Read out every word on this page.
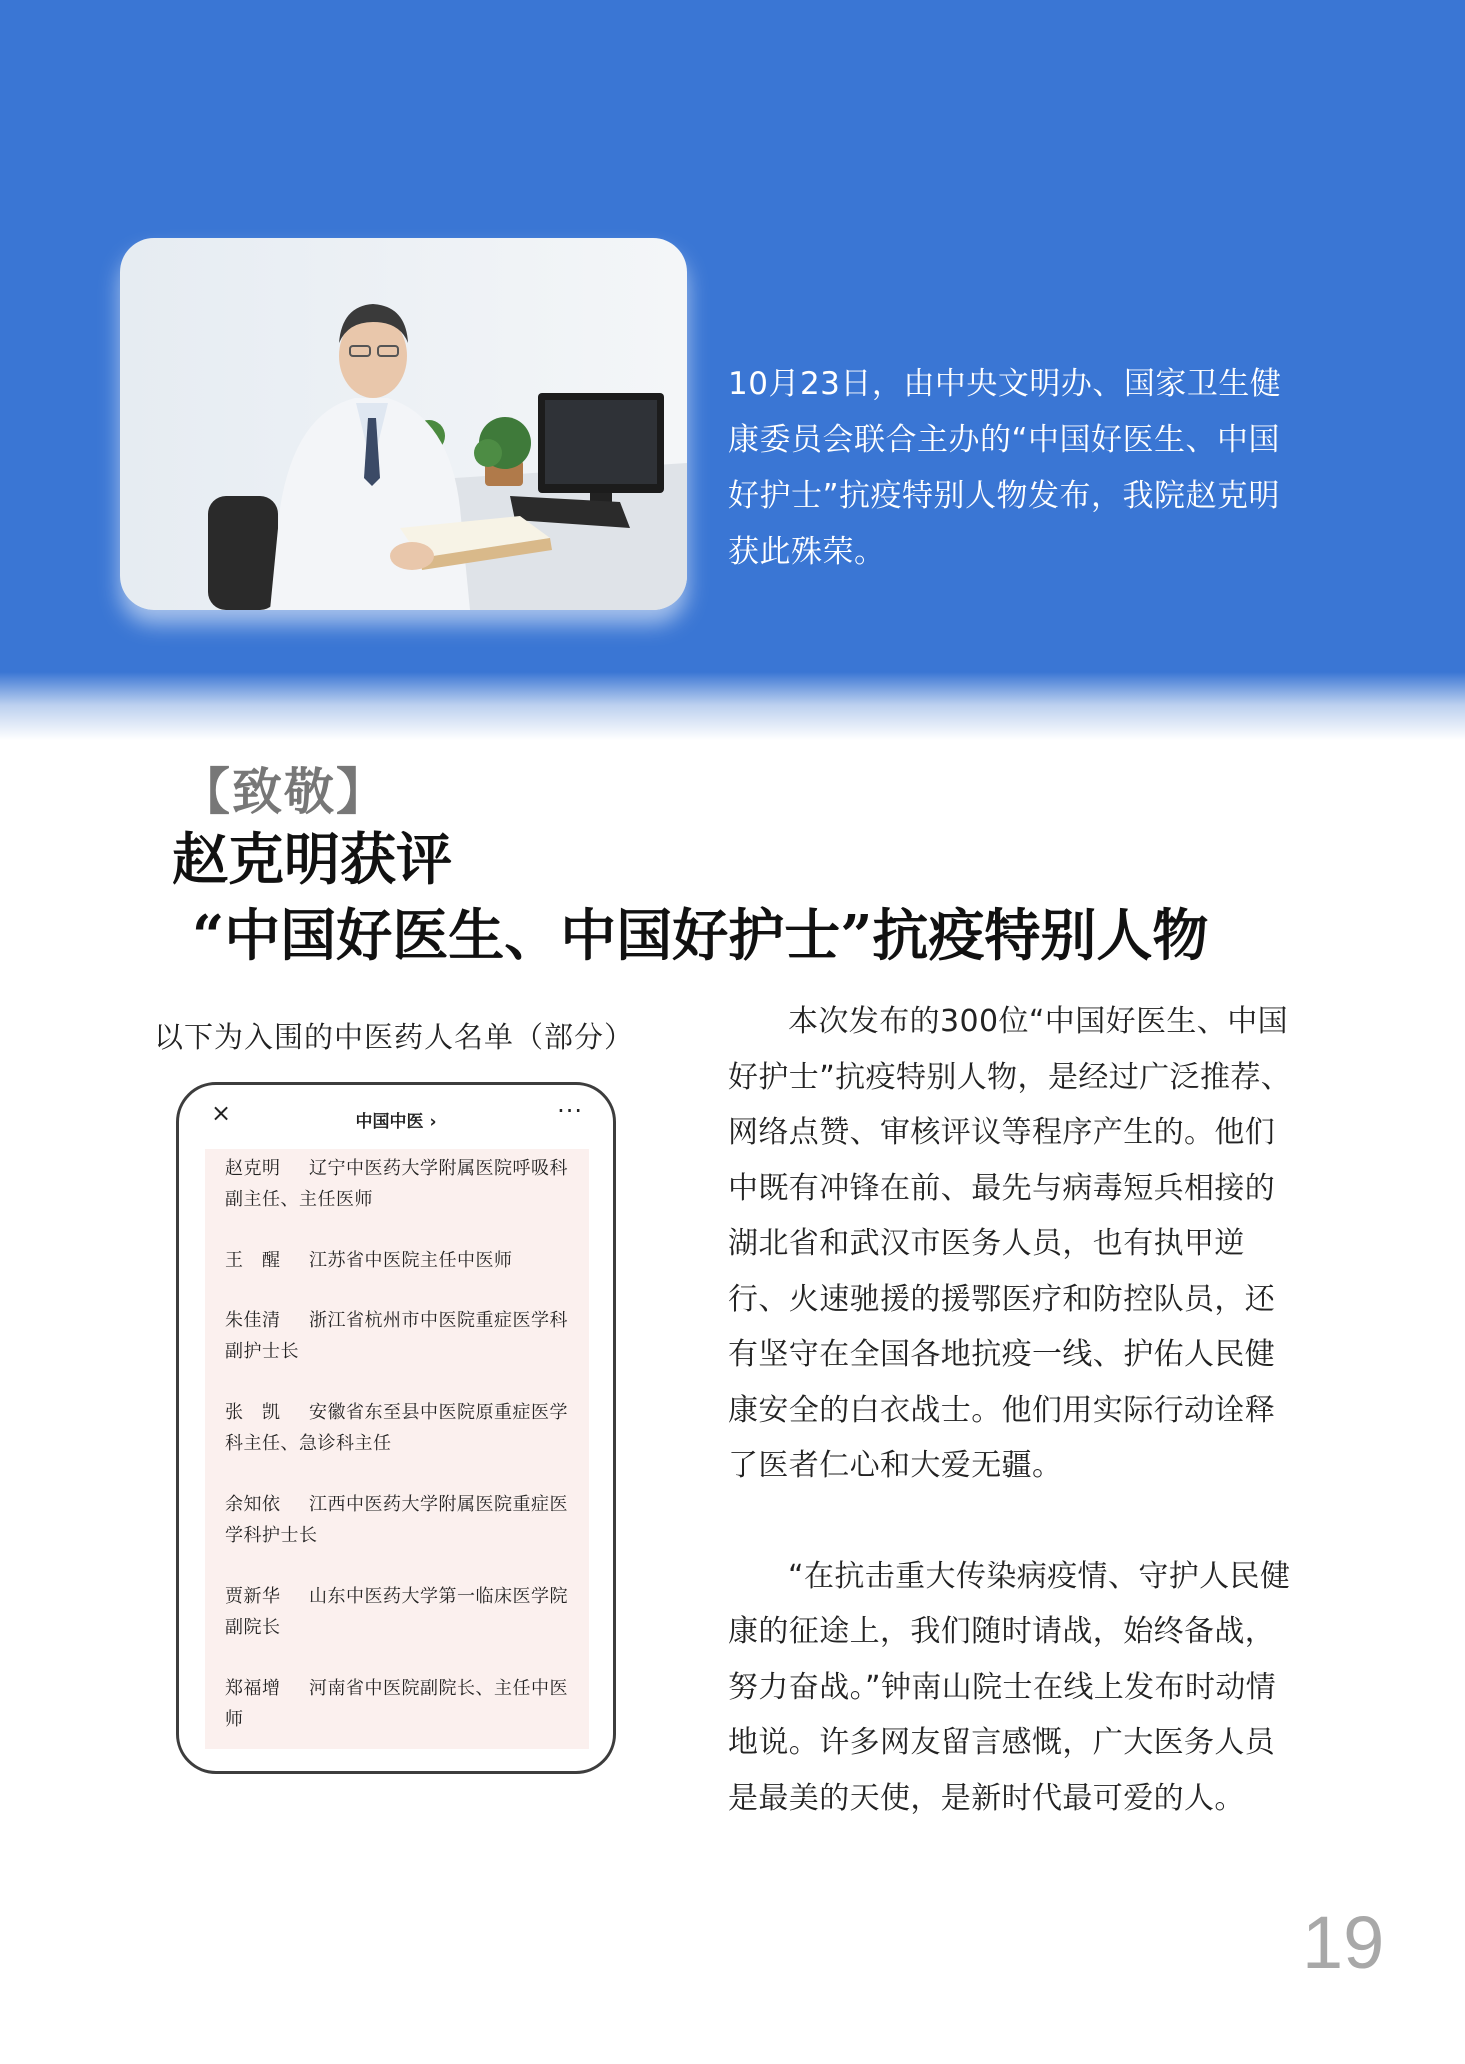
10月23日，由中央文明办、国家卫生健康委员会联合主办的“中国好医生、中国好护士”抗疫特别人物发布，我院赵克明获此殊荣。
【致敬】
赵克明获评
“中国好医生、中国好护士”抗疫特别人物
以下为入围的中医药人名单（部分）
×	中国中医 ›	···
赵克明 辽宁中医药大学附属医院呼吸科副主任、主任医师
王　醒 江苏省中医院主任中医师
朱佳清 浙江省杭州市中医院重症医学科副护士长
张　凯 安徽省东至县中医院原重症医学科主任、急诊科主任
余知依 江西中医药大学附属医院重症医学科护士长
贾新华 山东中医药大学第一临床医学院副院长
郑福增 河南省中医院副院长、主任中医师

本次发布的300位“中国好医生、中国好护士”抗疫特别人物，是经过广泛推荐、网络点赞、审核评议等程序产生的。他们中既有冲锋在前、最先与病毒短兵相接的湖北省和武汉市医务人员，也有执甲逆行、火速驰援的援鄂医疗和防控队员，还有坚守在全国各地抗疫一线、护佑人民健康安全的白衣战士。他们用实际行动诠释了医者仁心和大爱无疆。

“在抗击重大传染病疫情、守护人民健康的征途上，我们随时请战，始终备战，努力奋战。”钟南山院士在线上发布时动情地说。许多网友留言感慨，广大医务人员是最美的天使，是新时代最可爱的人。

19
